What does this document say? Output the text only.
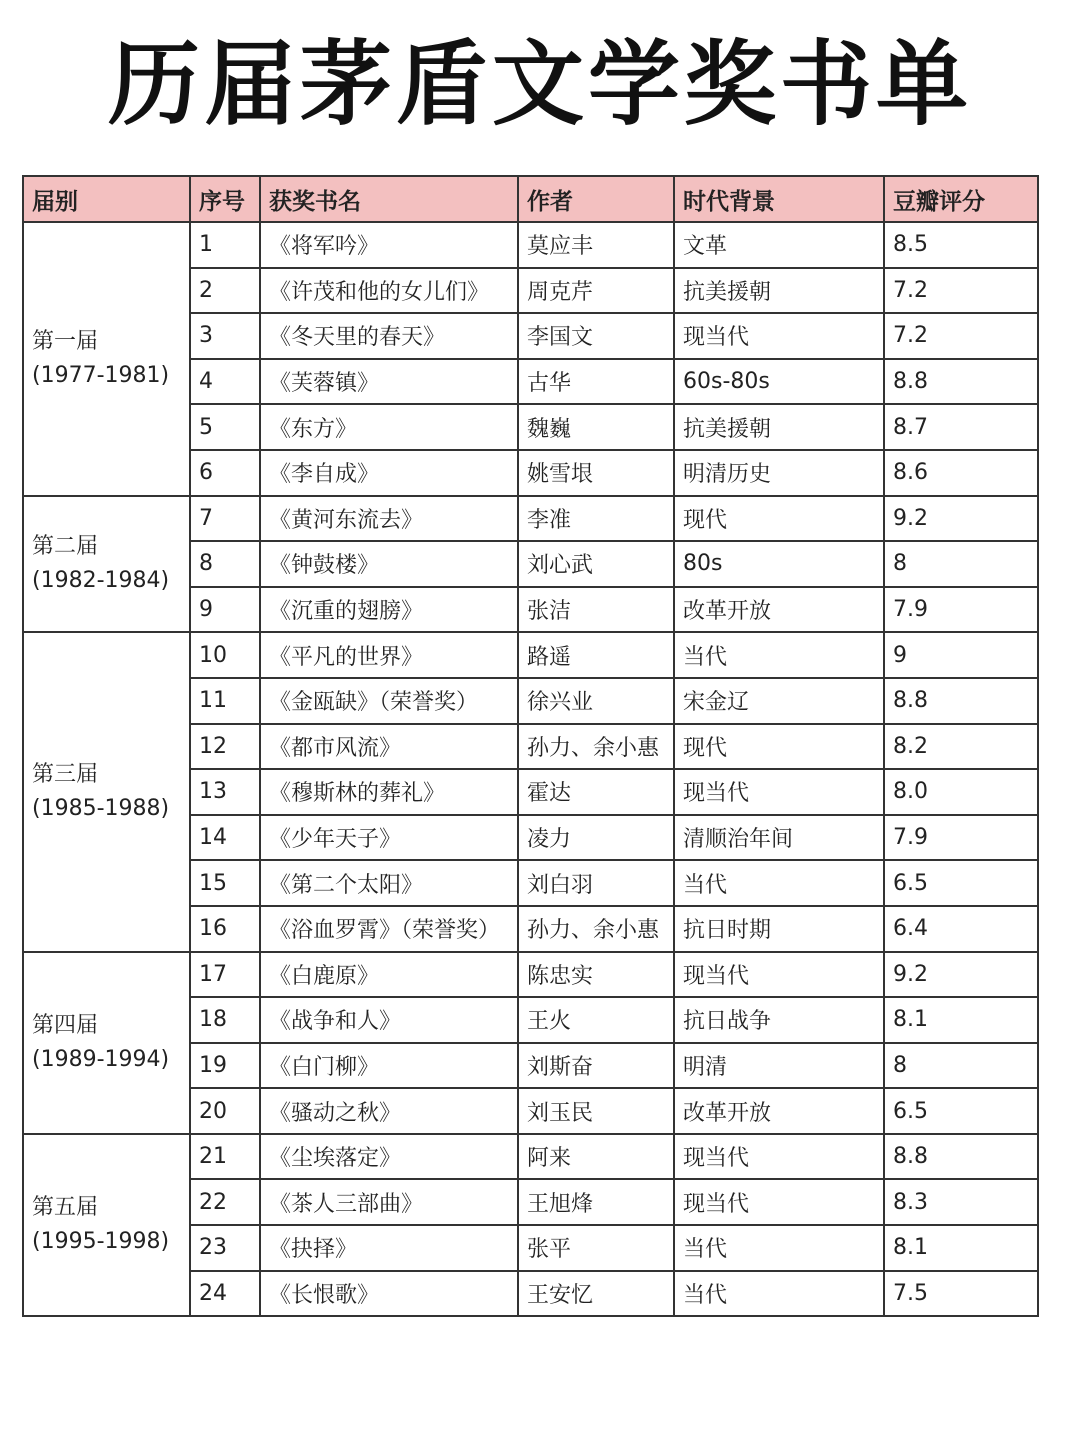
历届茅盾文学奖书单
届别	序号	获奖书名	作者	时代背景	豆瓣评分

第一届
(1977-1981)	1	《将军吟》	莫应丰	文革	8.5
	2	《许茂和他的女儿们》	周克芹	抗美援朝	7.2
	3	《冬天里的春天》	李国文	现当代	7.2
	4	《芙蓉镇》	古华	60s-80s	8.8
	5	《东方》	魏巍	抗美援朝	8.7
	6	《李自成》	姚雪垠	明清历史	8.6

第二届
(1982-1984)	7	《黄河东流去》	李准	现代	9.2
	8	《钟鼓楼》	刘心武	80s	8
	9	《沉重的翅膀》	张洁	改革开放	7.9

第三届
(1985-1988)	10	《平凡的世界》	路遥	当代	9
	11	《金瓯缺》（荣誉奖）	徐兴业	宋金辽	8.8
	12	《都市风流》	孙力、余小惠	现代	8.2
	13	《穆斯林的葬礼》	霍达	现当代	8.0
	14	《少年天子》	凌力	清顺治年间	7.9
	15	《第二个太阳》	刘白羽	当代	6.5
	16	《浴血罗霄》（荣誉奖）	孙力、余小惠	抗日时期	6.4

第四届
(1989-1994)	17	《白鹿原》	陈忠实	现当代	9.2
	18	《战争和人》	王火	抗日战争	8.1
	19	《白门柳》	刘斯奋	明清	8
	20	《骚动之秋》	刘玉民	改革开放	6.5

第五届
(1995-1998)	21	《尘埃落定》	阿来	现当代	8.8
	22	《茶人三部曲》	王旭烽	现当代	8.3
	23	《抉择》	张平	当代	8.1
	24	《长恨歌》	王安忆	当代	7.5
